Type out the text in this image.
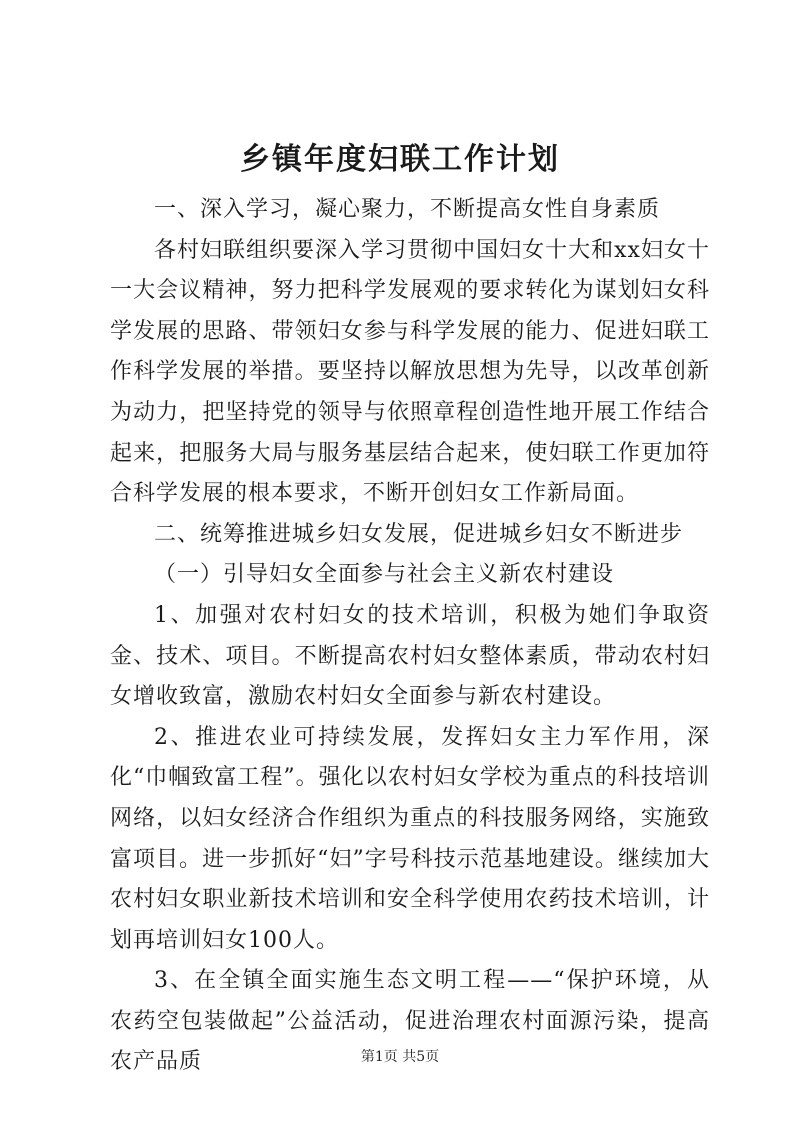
乡镇年度妇联工作计划

一、深入学习，凝心聚力，不断提高女性自身素质

各村妇联组织要深入学习贯彻中国妇女十大和xx妇女十一大会议精神，努力把科学发展观的要求转化为谋划妇女科学发展的思路、带领妇女参与科学发展的能力、促进妇联工作科学发展的举措。要坚持以解放思想为先导，以改革创新为动力，把坚持党的领导与依照章程创造性地开展工作结合起来，把服务大局与服务基层结合起来，使妇联工作更加符合科学发展的根本要求，不断开创妇女工作新局面。

二、统筹推进城乡妇女发展，促进城乡妇女不断进步

（一）引导妇女全面参与社会主义新农村建设

1、加强对农村妇女的技术培训，积极为她们争取资金、技术、项目。不断提高农村妇女整体素质，带动农村妇女增收致富，激励农村妇女全面参与新农村建设。

2、推进农业可持续发展，发挥妇女主力军作用，深化“巾帼致富工程”。强化以农村妇女学校为重点的科技培训网络，以妇女经济合作组织为重点的科技服务网络，实施致富项目。进一步抓好“妇”字号科技示范基地建设。继续加大农村妇女职业新技术培训和安全科学使用农药技术培训，计划再培训妇女100人。

3、在全镇全面实施生态文明工程——“保护环境，从农药空包装做起”公益活动，促进治理农村面源污染，提高农产品质	第1页 共5页
